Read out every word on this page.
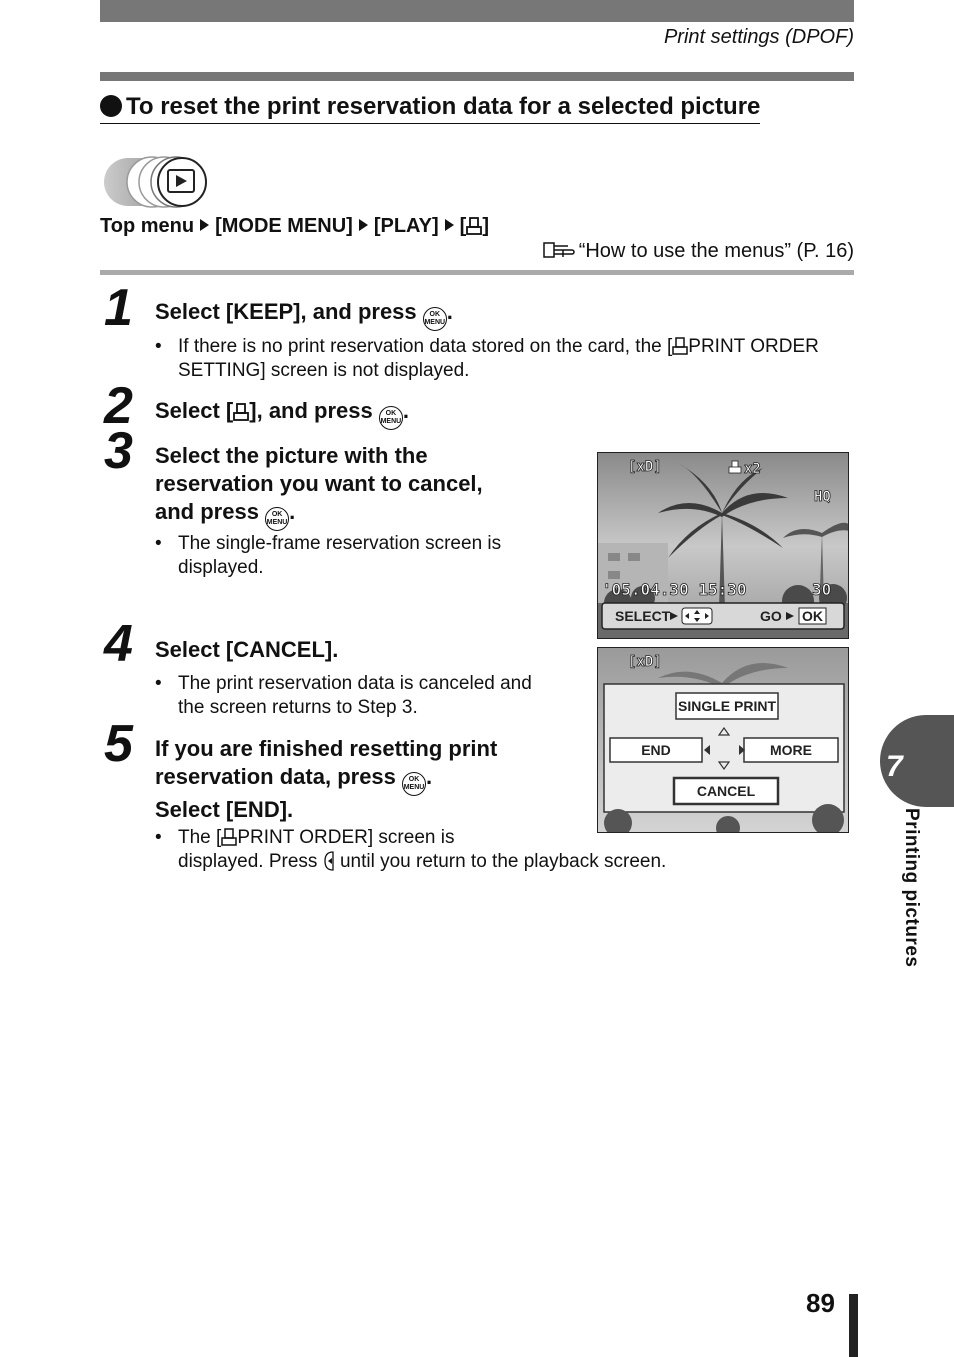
Print settings (DPOF)
To reset the print reservation data for a selected picture
Top menu [MODE MENU] [PLAY] [ ]
“How to use the menus” (P. 16)
1 Select [KEEP], and press OK
MENU.
• If there is no print reservation data stored on the card, the [ PRINT ORDER SETTING] screen is not displayed.
2 Select [ ], and press OK
MENU.
3 Select the picture with the
reservation you want to cancel,
and press OK
MENU.
• The single-frame reservation screen is displayed.
4 Select [CANCEL].
• The print reservation data is canceled and the screen returns to Step 3.
5 If you are finished resetting print
reservation data, press OK
MENU.
Select [END].
• The [ PRINT ORDER] screen is
displayed. Press until you return to the playback screen.
[xD]	x2
HQ
'05.04.30 15:30	30
SELECT	GO OK
[xD]
SINGLE PRINT
END	MORE
CANCEL
7
Printing pictures
89
